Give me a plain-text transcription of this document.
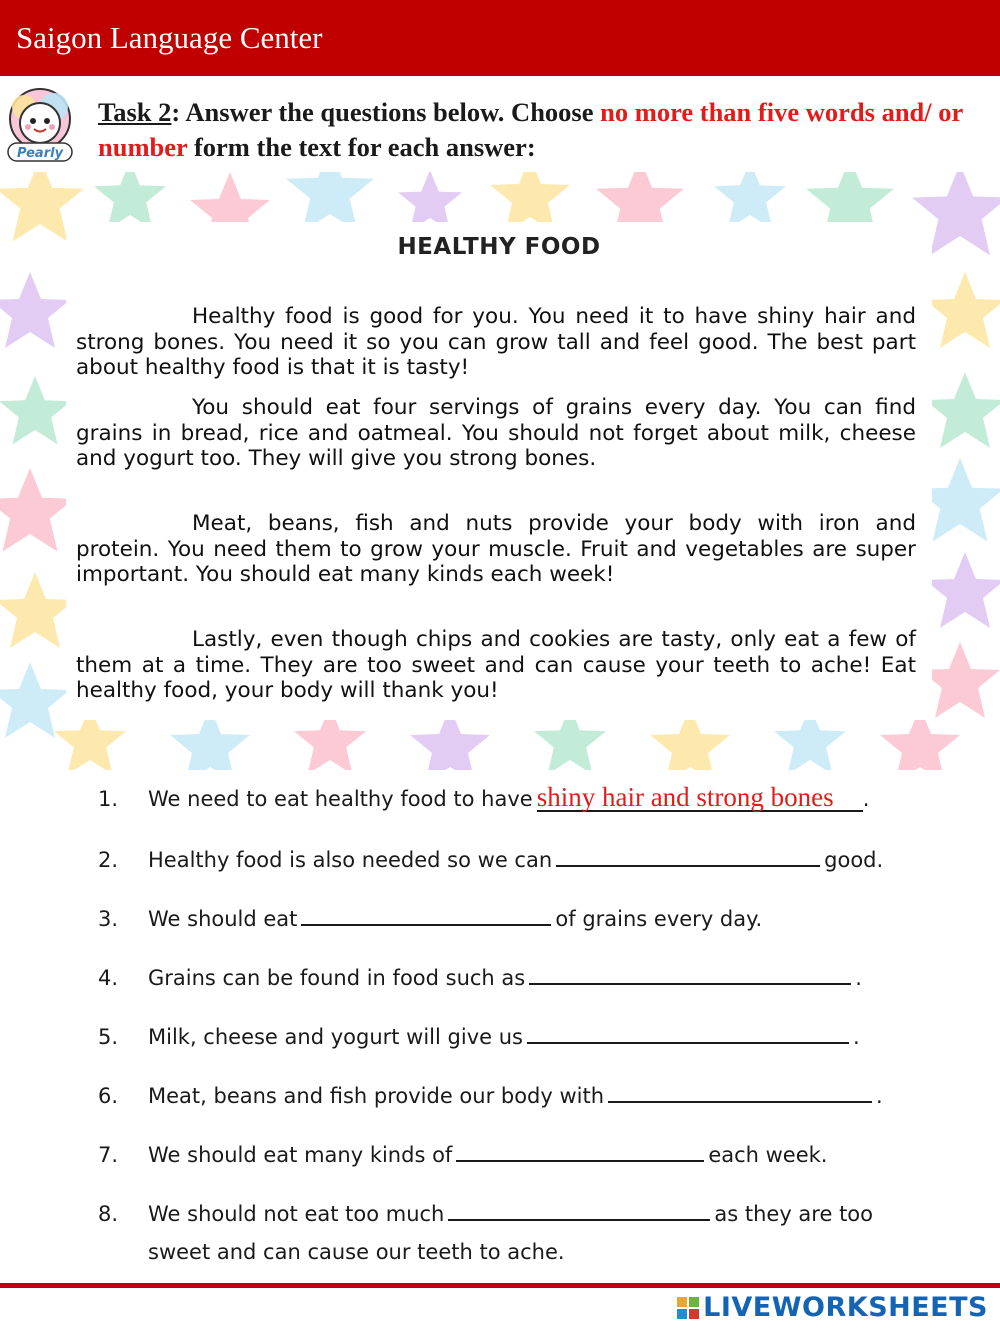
Saigon Language Center
Pearly
Task 2: Answer the questions below. Choose no more than five words and/ or number form the text for each answer:
HEALTHY FOOD

Healthy food is good for you. You need it to have shiny hair and strong bones. You need it so you can grow tall and feel good. The best part about healthy food is that it is tasty!

You should eat four servings of grains every day. You can find grains in bread, rice and oatmeal. You should not forget about milk, cheese and yogurt too. They will give you strong bones.

Meat, beans, fish and nuts provide your body with iron and protein. You need them to grow your muscle. Fruit and vegetables are super important. You should eat many kinds each week!

Lastly, even though chips and cookies are tasty, only eat a few of them at a time. They are too sweet and can cause your teeth to ache! Eat healthy food, your body will thank you!

1. We need to eat healthy food to have shiny hair and strong bones .
2. Healthy food is also needed so we can	good.
3. We should eat	of grains every day.
4. Grains can be found in food such as	.
5. Milk, cheese and yogurt will give us	.
6. Meat, beans and fish provide our body with	.
7. We should eat many kinds of	each week.
8. We should not eat too much	as they are too
sweet and can cause our teeth to ache.
LIVEWORKSHEETS
